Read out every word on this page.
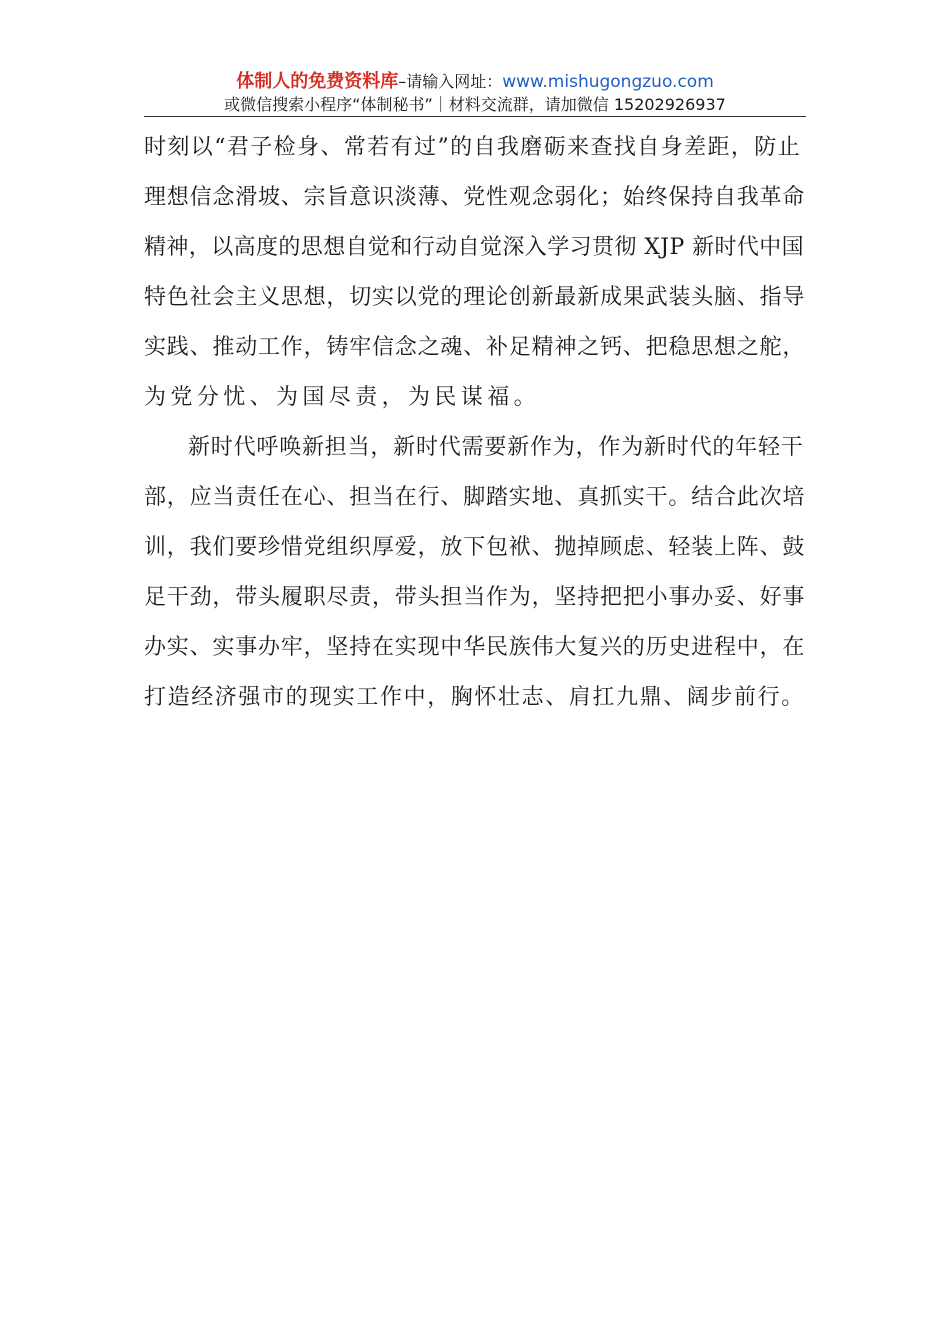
体制人的免费资料库–请输入网址：www.mishugongzuo.com
或微信搜索小程序“体制秘书”｜材料交流群，请加微信 15202926937
时刻以“君子检身、常若有过”的自我磨砺来查找自身差距，防止
理想信念滑坡、宗旨意识淡薄、党性观念弱化；始终保持自我革命
精神，以高度的思想自觉和行动自觉深入学习贯彻 XJP 新时代中国
特色社会主义思想，切实以党的理论创新最新成果武装头脑、指导
实践、推动工作，铸牢信念之魂、补足精神之钙、把稳思想之舵，
为党分忧、为国尽责，为民谋福。
新时代呼唤新担当，新时代需要新作为，作为新时代的年轻干
部，应当责任在心、担当在行、脚踏实地、真抓实干。结合此次培
训，我们要珍惜党组织厚爱，放下包袱、抛掉顾虑、轻装上阵、鼓
足干劲，带头履职尽责，带头担当作为，坚持把把小事办妥、好事
办实、实事办牢，坚持在实现中华民族伟大复兴的历史进程中，在
打造经济强市的现实工作中，胸怀壮志、肩扛九鼎、阔步前行。
